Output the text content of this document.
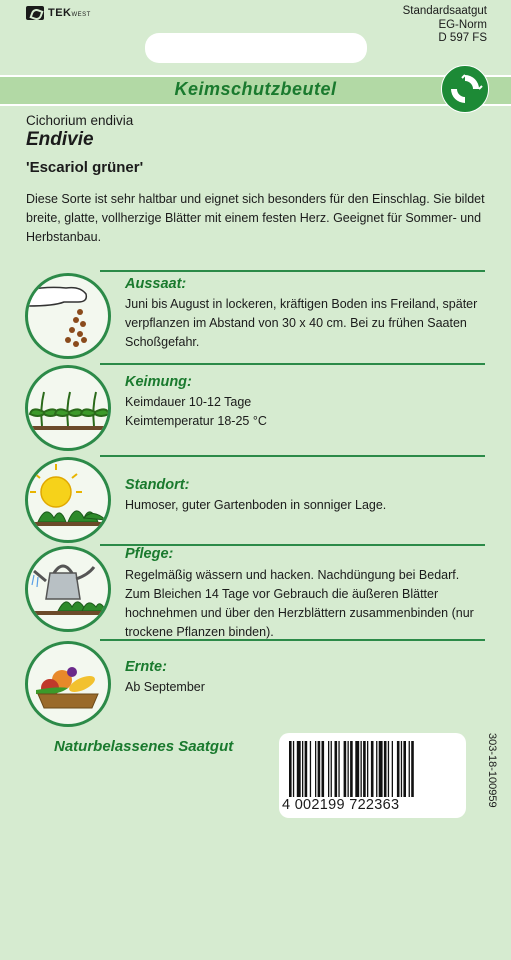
TEKWEST	Standardsaatgut
EG-Norm
D 597 FS
Keimschutzbeutel
Cichorium endivia
Endivie
'Escariol grüner'
Diese Sorte ist sehr haltbar und eignet sich besonders für den Einschlag. Sie bildet breite, glatte, vollherzige Blätter mit einem festen Herz. Geeignet für Sommer- und Herbstanbau.
Aussaat:
Juni bis August in lockeren, kräftigen Boden ins Freiland, später verpflanzen im Abstand von 30 x 40 cm. Bei zu frühen Saaten Schoßgefahr.
Keimung:
Keimdauer 10-12 Tage
Keimtemperatur 18-25 °C
Standort:
Humoser, guter Gartenboden in sonniger Lage.
Pflege:
Regelmäßig wässern und hacken. Nachdüngung bei Bedarf. Zum Bleichen 14 Tage vor Gebrauch die äußeren Blätter hochnehmen und über den Herzblättern zusammenbinden (nur trockene Pflanzen binden).
Ernte:
Ab September
Naturbelassenes Saatgut
4 002199 722363	303-18-100959
